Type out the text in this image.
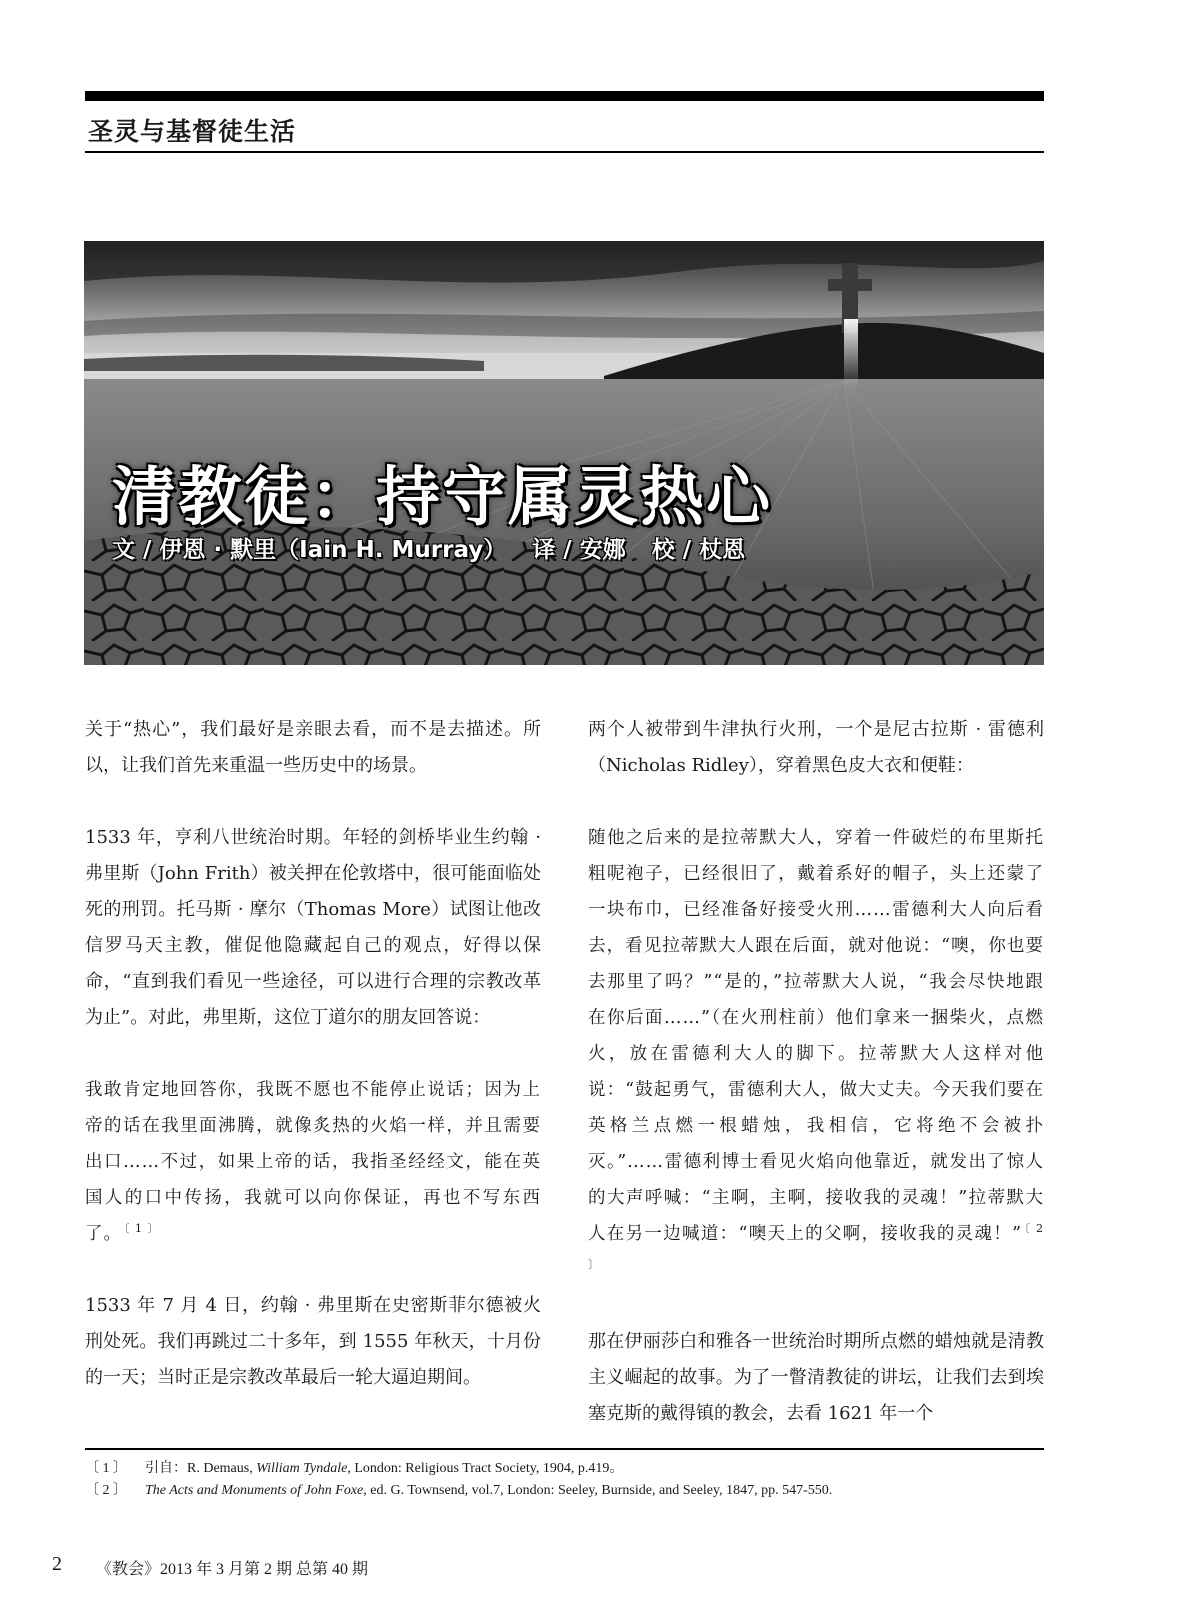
圣灵与基督徒生活
清教徒：持守属灵热心
文 / 伊恩 · 默里（Iain H. Murray） 译 / 安娜 校 / 杖恩

关于“热心”，我们最好是亲眼去看，而不是去描述。所以，让我们首先来重温一些历史中的场景。

1533 年，亨利八世统治时期。年轻的剑桥毕业生约翰 · 弗里斯（John Frith）被关押在伦敦塔中，很可能面临处死的刑罚。托马斯 · 摩尔（Thomas More）试图让他改信罗马天主教，催促他隐藏起自己的观点，好得以保命，“直到我们看见一些途径，可以进行合理的宗教改革为止”。对此，弗里斯，这位丁道尔的朋友回答说：

我敢肯定地回答你，我既不愿也不能停止说话；因为上帝的话在我里面沸腾，就像炙热的火焰一样，并且需要出口……不过，如果上帝的话，我指圣经经文，能在英国人的口中传扬，我就可以向你保证，再也不写东西了。 $^{〔 1 〕}$

1533 年 7 月 4 日，约翰 · 弗里斯在史密斯菲尔德被火刑处死。我们再跳过二十多年，到 1555 年秋天，十月份的一天；当时正是宗教改革最后一轮大逼迫期间。

两个人被带到牛津执行火刑，一个是尼古拉斯 · 雷德利（Nicholas Ridley），穿着黑色皮大衣和便鞋：

随他之后来的是拉蒂默大人，穿着一件破烂的布里斯托粗呢袍子，已经很旧了，戴着系好的帽子，头上还蒙了一块布巾，已经准备好接受火刑……雷德利大人向后看去，看见拉蒂默大人跟在后面，就对他说：“噢，你也要去那里了吗？”“是的，”拉蒂默大人说，“我会尽快地跟在你后面……”（在火刑柱前）他们拿来一捆柴火，点燃火，放在雷德利大人的脚下。拉蒂默大人这样对他说：“鼓起勇气，雷德利大人，做大丈夫。今天我们要在英格兰点燃一根蜡烛，我相信，它将绝不会被扑灭。”……雷德利博士看见火焰向他靠近，就发出了惊人的大声呼喊：“主啊，主啊，接收我的灵魂！”拉蒂默大人在另一边喊道：“噢天上的父啊，接收我的灵魂！” $^{〔 2 〕}$

那在伊丽莎白和雅各一世统治时期所点燃的蜡烛就是清教主义崛起的故事。为了一瞥清教徒的讲坛，让我们去到埃塞克斯的戴得镇的教会，去看 1621 年一个

〔 1 〕	引自：R. Demaus, William Tyndale, London: Religious Tract Society, 1904, p.419。
〔 2 〕	The Acts and Monuments of John Foxe, ed. G. Townsend, vol.7, London: Seeley, Burnside, and Seeley, 1847, pp. 547-550.
2 《教会》2013 年 3 月第 2 期 总第 40 期
